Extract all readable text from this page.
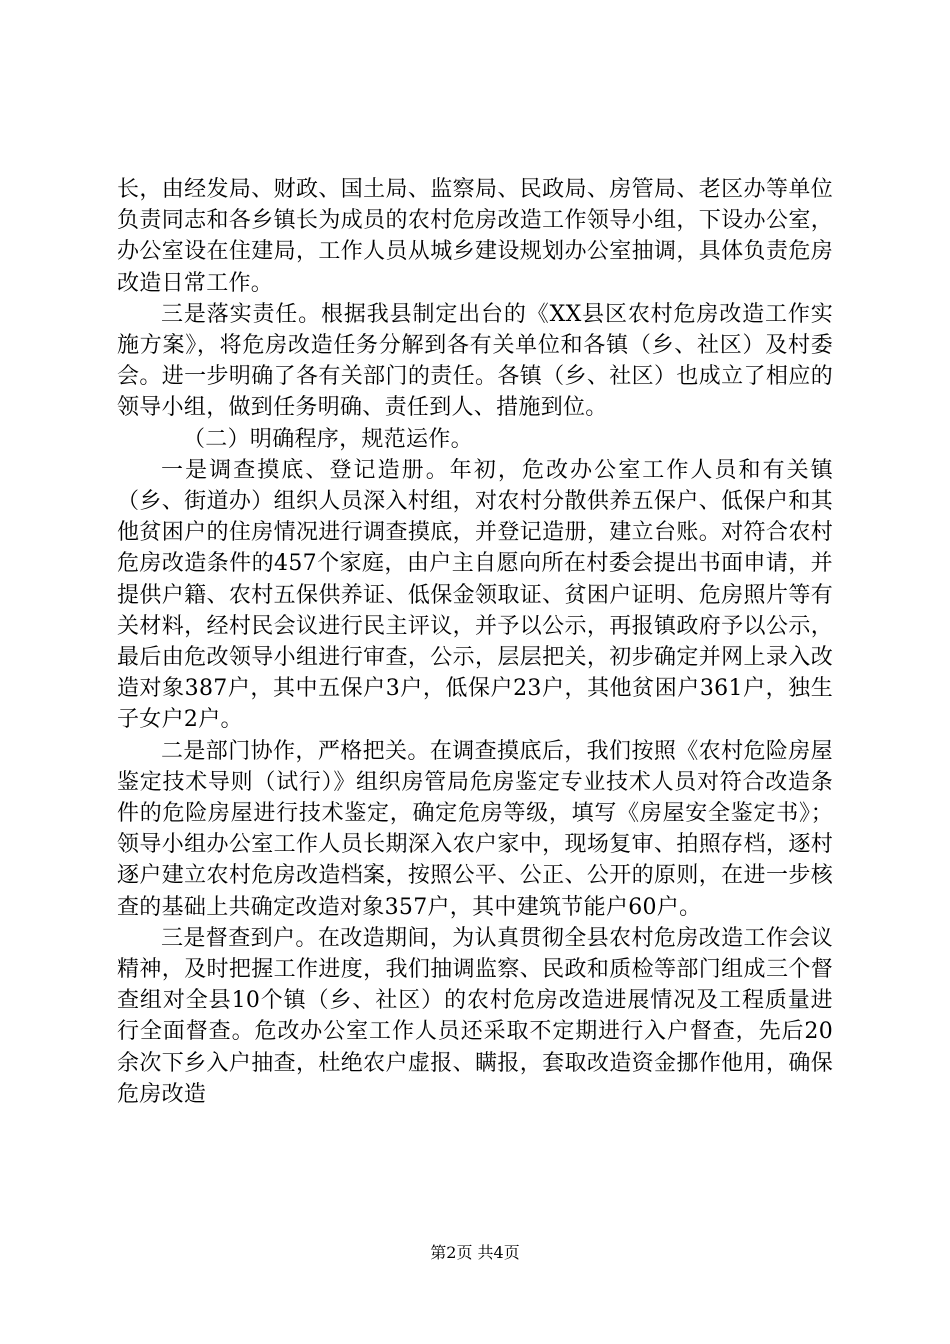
长，由经发局、财政、国土局、监察局、民政局、房管局、老区办等单位负责同志和各乡镇长为成员的农村危房改造工作领导小组，下设办公室，办公室设在住建局，工作人员从城乡建设规划办公室抽调，具体负责危房改造日常工作。

三是落实责任。根据我县制定出台的《XX县区农村危房改造工作实施方案》，将危房改造任务分解到各有关单位和各镇（乡、社区）及村委会。进一步明确了各有关部门的责任。各镇（乡、社区）也成立了相应的领导小组，做到任务明确、责任到人、措施到位。

（二）明确程序，规范运作。

一是调查摸底、登记造册。年初，危改办公室工作人员和有关镇（乡、街道办）组织人员深入村组，对农村分散供养五保户、低保户和其他贫困户的住房情况进行调查摸底，并登记造册，建立台账。对符合农村危房改造条件的457个家庭，由户主自愿向所在村委会提出书面申请，并提供户籍、农村五保供养证、低保金领取证、贫困户证明、危房照片等有关材料，经村民会议进行民主评议，并予以公示，再报镇政府予以公示，最后由危改领导小组进行审查，公示，层层把关，初步确定并网上录入改造对象387户，其中五保户3户，低保户23户，其他贫困户361户，独生子女户2户。

二是部门协作，严格把关。在调查摸底后，我们按照《农村危险房屋鉴定技术导则（试行）》组织房管局危房鉴定专业技术人员对符合改造条件的危险房屋进行技术鉴定，确定危房等级，填写《房屋安全鉴定书》；领导小组办公室工作人员长期深入农户家中，现场复审、拍照存档，逐村逐户建立农村危房改造档案，按照公平、公正、公开的原则，在进一步核查的基础上共确定改造对象357户，其中建筑节能户60户。

三是督查到户。在改造期间，为认真贯彻全县农村危房改造工作会议精神，及时把握工作进度，我们抽调监察、民政和质检等部门组成三个督查组对全县10个镇（乡、社区）的农村危房改造进展情况及工程质量进行全面督查。危改办公室工作人员还采取不定期进行入户督查，先后20余次下乡入户抽查，杜绝农户虚报、瞒报，套取改造资金挪作他用，确保危房改造

第2页 共4页
